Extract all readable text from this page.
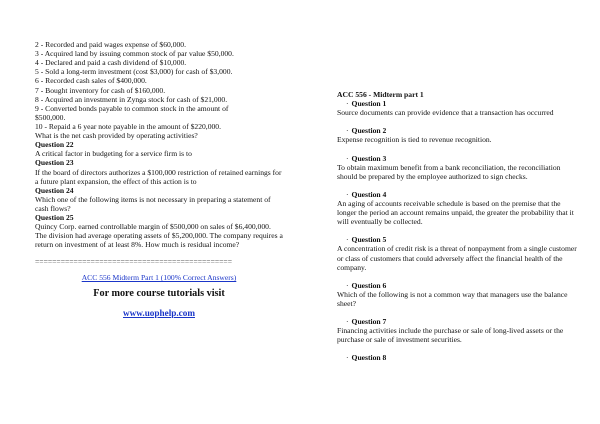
2 - Recorded and paid wages expense of $60,000.

3 - Acquired land by issuing common stock of par value $50,000.

4 - Declared and paid a cash dividend of $10,000.

5 - Sold a long-term investment (cost $3,000) for cash of $3,000.

6 - Recorded cash sales of $400,000.

7 - Bought inventory for cash of $160,000.

8 - Acquired an investment in Zynga stock for cash of $21,000.

9 - Converted bonds payable to common stock in the amount of

$500,000.

10 - Repaid a 6 year note payable in the amount of $220,000.

What is the net cash provided by operating activities?

Question 22

A critical factor in budgeting for a service firm is to

Question 23

If the board of directors authorizes a $100,000 restriction of retained earnings for a future plant expansion, the effect of this action is to

Question 24

Which one of the following items is not necessary in preparing a statement of cash flows?

Question 25

Quincy Corp. earned controllable margin of $500,000 on sales of $6,400,000. The division had average operating assets of $5,200,000. The company requires a return on investment of at least 8%. How much is residual income?

==============================================

ACC 556 Midterm Part 1 (100% Correct Answers)

For more course tutorials visit

www.uophelp.com

ACC 556 - Midterm part 1

· Question 1

Source documents can provide evidence that a transaction has occurred

· Question 2

Expense recognition is tied to revenue recognition.

· Question 3

To obtain maximum benefit from a bank reconciliation, the reconciliation should be prepared by the employee authorized to sign checks.

· Question 4

An aging of accounts receivable schedule is based on the premise that the longer the period an account remains unpaid, the greater the probability that it will eventually be collected.

· Question 5

A concentration of credit risk is a threat of nonpayment from a single customer or class of customers that could adversely affect the financial health of the company.

· Question 6

Which of the following is not a common way that managers use the balance sheet?

· Question 7

Financing activities include the purchase or sale of long-lived assets or the purchase or sale of investment securities.

· Question 8
